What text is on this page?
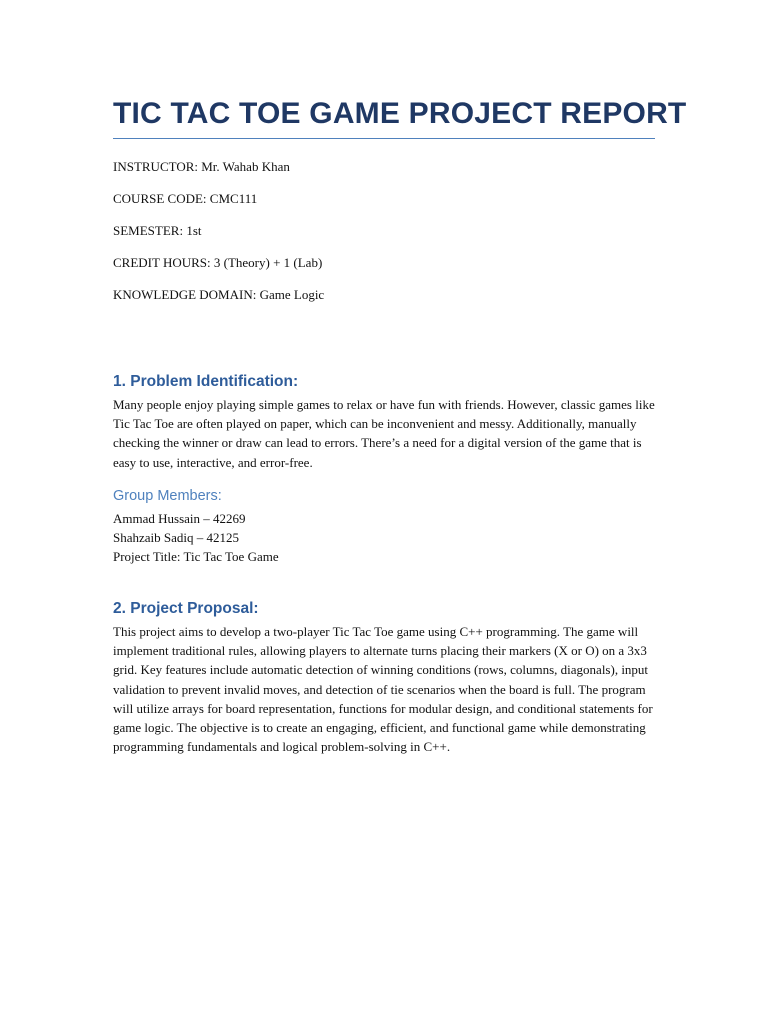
TIC TAC TOE GAME PROJECT REPORT

INSTRUCTOR: Mr. Wahab Khan

COURSE CODE: CMC111

SEMESTER: 1st

CREDIT HOURS: 3 (Theory) + 1 (Lab)

KNOWLEDGE DOMAIN: Game Logic

1. Problem Identification:

Many people enjoy playing simple games to relax or have fun with friends. However, classic games like Tic Tac Toe are often played on paper, which can be inconvenient and messy. Additionally, manually checking the winner or draw can lead to errors. There’s a need for a digital version of the game that is easy to use, interactive, and error-free.

Group Members:

Ammad Hussain – 42269

Shahzaib Sadiq – 42125

Project Title: Tic Tac Toe Game

2. Project Proposal:

This project aims to develop a two-player Tic Tac Toe game using C++ programming. The game will implement traditional rules, allowing players to alternate turns placing their markers (X or O) on a 3x3 grid. Key features include automatic detection of winning conditions (rows, columns, diagonals), input validation to prevent invalid moves, and detection of tie scenarios when the board is full. The program will utilize arrays for board representation, functions for modular design, and conditional statements for game logic. The objective is to create an engaging, efficient, and functional game while demonstrating programming fundamentals and logical problem-solving in C++.
